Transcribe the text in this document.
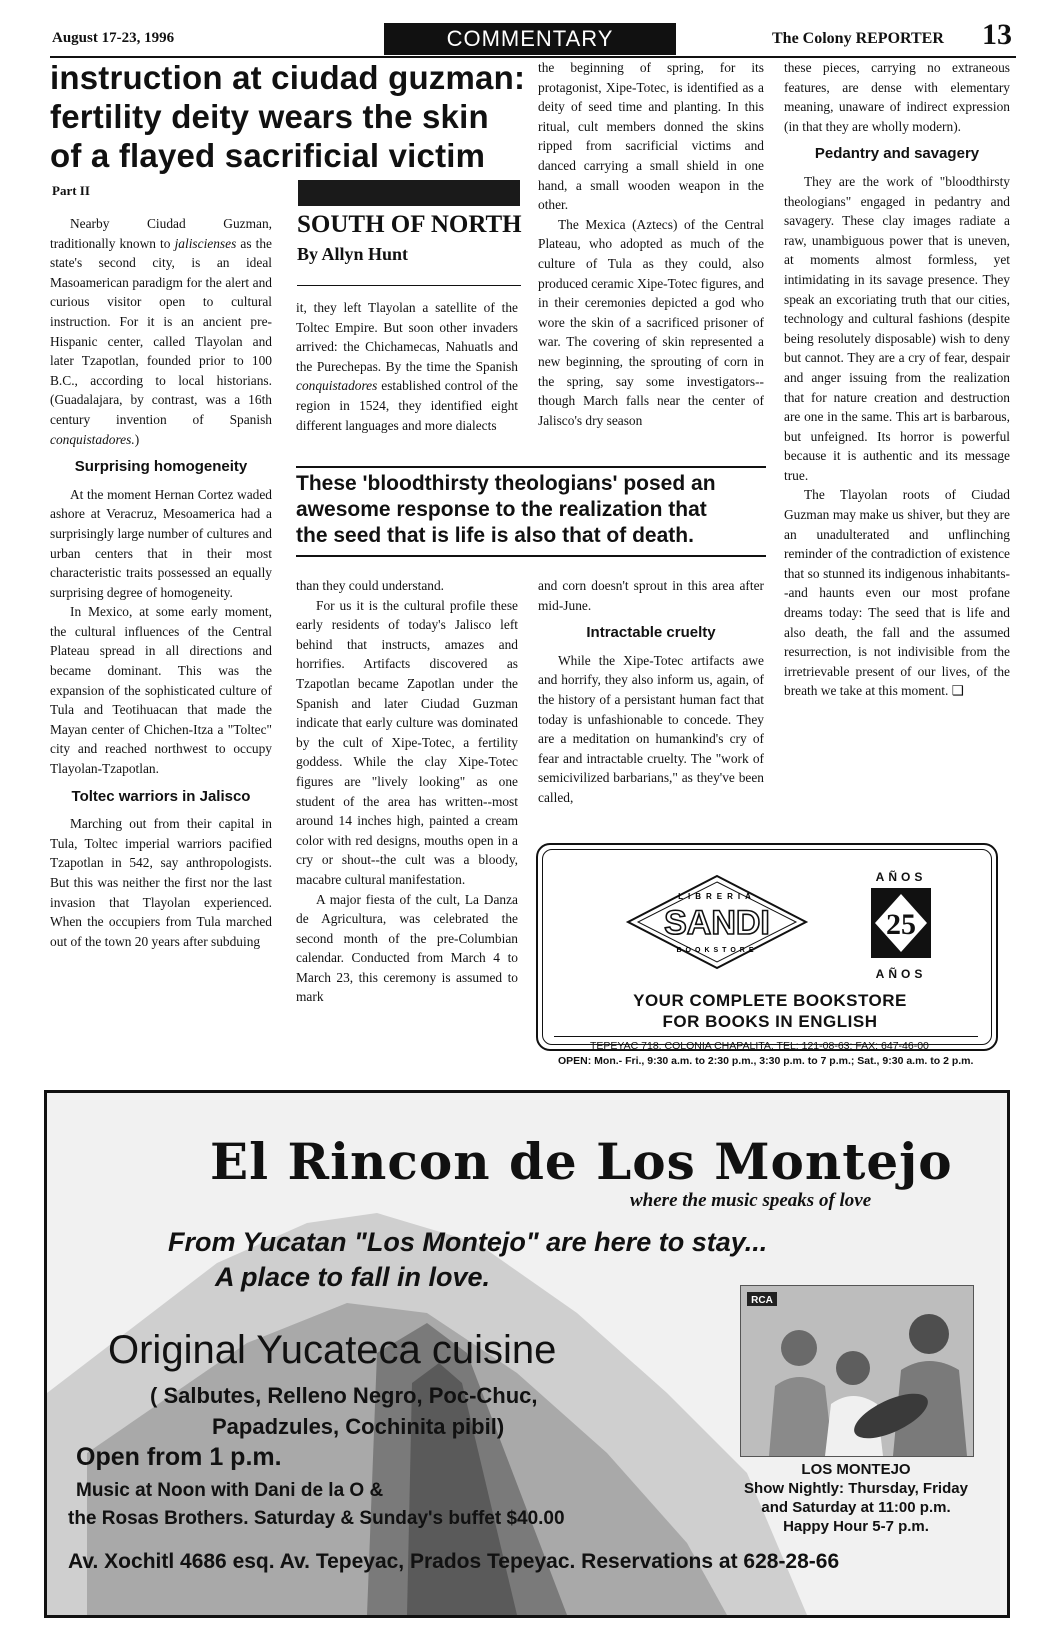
August 17-23, 1996	COMMENTARY	The Colony REPORTER 13
instruction at ciudad guzman:
fertility deity wears the skin
of a flayed sacrificial victim
Part II

Nearby Ciudad Guzman, traditionally known to jaliscienses as the state's second city, is an ideal Masoamerican paradigm for the alert and curious visitor open to cultural instruction. For it is an ancient pre-Hispanic center, called Tlayolan and later Tzapotlan, founded prior to 100 B.C., according to local historians. (Guadalajara, by contrast, was a 16th century invention of Spanish conquistadores.)

Surprising homogeneity

At the moment Hernan Cortez waded ashore at Veracruz, Mesoamerica had a surprisingly large number of cultures and urban centers that in their most characteristic traits possessed an equally surprising degree of homogeneity.

In Mexico, at some early moment, the cultural influences of the Central Plateau spread in all directions and became dominant. This was the expansion of the sophisticated culture of Tula and Teotihuacan that made the Mayan center of Chichen-Itza a "Toltec" city and reached northwest to occupy Tlayolan-Tzapotlan.

Toltec warriors in Jalisco

Marching out from their capital in Tula, Toltec imperial warriors pacified Tzapotlan in 542, say anthropologists. But this was neither the first nor the last invasion that Tlayolan experienced. When the occupiers from Tula marched out of the town 20 years after subduing

SOUTH OF NORTH
By Allyn Hunt

it, they left Tlayolan a satellite of the Toltec Empire. But soon other invaders arrived: the Chichamecas, Nahuatls and the Purechepas. By the time the Spanish conquistadores established control of the region in 1524, they identified eight different languages and more dialects

the beginning of spring, for its protagonist, Xipe-Totec, is identified as a deity of seed time and planting. In this ritual, cult members donned the skins ripped from sacrificial victims and danced carrying a small shield in one hand, a small wooden weapon in the other.

The Mexica (Aztecs) of the Central Plateau, who adopted as much of the culture of Tula as they could, also produced ceramic Xipe-Totec figures, and in their ceremonies depicted a god who wore the skin of a sacrificed prisoner of war. The covering of skin represented a new beginning, the sprouting of corn in the spring, say some investigators-- though March falls near the center of Jalisco's dry season

These 'bloodthirsty theologians' posed an
awesome response to the realization that
the seed that is life is also that of death.

than they could understand.

For us it is the cultural profile these early residents of today's Jalisco left behind that instructs, amazes and horrifies. Artifacts discovered as Tzapotlan became Zapotlan under the Spanish and later Ciudad Guzman indicate that early culture was dominated by the cult of Xipe-Totec, a fertility goddess. While the clay Xipe-Totec figures are "lively looking" as one student of the area has written--most around 14 inches high, painted a cream color with red designs, mouths open in a cry or shout--the cult was a bloody, macabre cultural manifestation.

A major fiesta of the cult, La Danza de Agricultura, was celebrated the second month of the pre-Columbian calendar. Conducted from March 4 to March 23, this ceremony is assumed to mark

and corn doesn't sprout in this area after mid-June.

Intractable cruelty

While the Xipe-Totec artifacts awe and horrify, they also inform us, again, of the history of a persistant human fact that today is unfashionable to concede. They are a meditation on humankind's cry of fear and intractable cruelty. The "work of semicivilized barbarians," as they've been called,

these pieces, carrying no extraneous features, are dense with elementary meaning, unaware of indirect expression (in that they are wholly modern).

Pedantry and savagery

They are the work of "bloodthirsty theologians" engaged in pedantry and savagery. These clay images radiate a raw, unambiguous power that is uneven, at moments almost formless, yet intimidating in its savage presence. They speak an excoriating truth that our cities, technology and cultural fashions (despite being resolutely disposable) wish to deny but cannot. They are a cry of fear, despair and anger issuing from the realization that for nature creation and destruction are one in the same. This art is barbarous, but unfeigned. Its horror is powerful because it is authentic and its message true.

The Tlayolan roots of Ciudad Guzman may make us shiver, but they are an unadulterated and unflinching reminder of the contradiction of existence that so stunned its indigenous inhabitants--and haunts even our most profane dreams today: The seed that is life and also death, the fall and the assumed resurrection, is not indivisible from the irretrievable present of our lives, of the breath we take at this moment. ❑

LIBRERIA
SANDI
BOOKSTORE
AÑOS
25
AÑOS
YOUR COMPLETE BOOKSTORE
FOR BOOKS IN ENGLISH
TEPEYAC 718, COLONIA CHAPALITA. TEL: 121-08-63; FAX: 647-46-00
OPEN: Mon.- Fri., 9:30 a.m. to 2:30 p.m., 3:30 p.m. to 7 p.m.; Sat., 9:30 a.m. to 2 p.m.
El Rincon de Los Montejo
where the music speaks of love
From Yucatan "Los Montejo" are here to stay...
A place to fall in love.
Original Yucateca cuisine
( Salbutes, Relleno Negro, Poc-Chuc,
Papadzules, Cochinita pibil)
Open from 1 p.m.
Music at Noon with Dani de la O &
the Rosas Brothers. Saturday & Sunday's buffet $40.00
Av. Xochitl 4686 esq. Av. Tepeyac, Prados Tepeyac. Reservations at 628-28-66
RCA
LOS MONTEJO
Show Nightly: Thursday, Friday
and Saturday at 11:00 p.m.
Happy Hour 5-7 p.m.
